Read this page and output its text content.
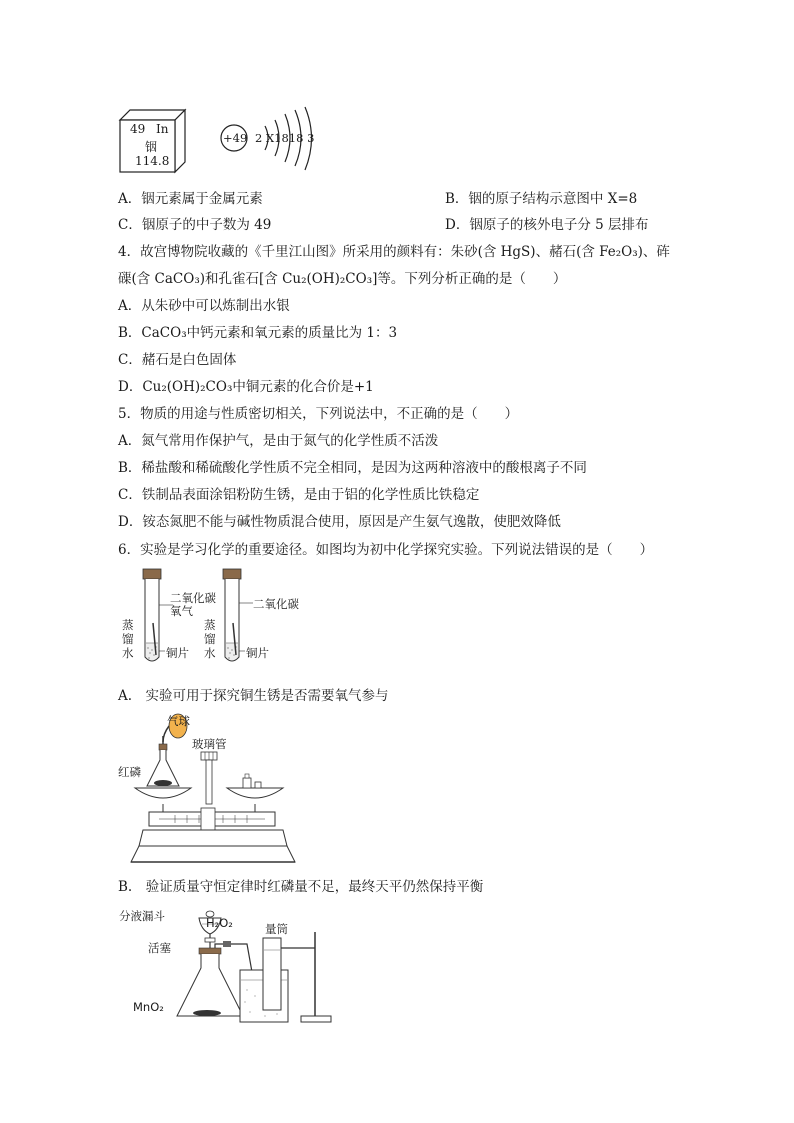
49 In
铟
114.8
+49 2 X1818 3
A．铟元素属于金属元素	B．铟的原子结构示意图中 X=8
C．铟原子的中子数为 49	D．铟原子的核外电子分 5 层排布
4．故宫博物院收藏的《千里江山图》所采用的颜料有：朱砂(含 HgS)、赭石(含 Fe₂O₃)、砗
磲(含 CaCO₃)和孔雀石[含 Cu₂(OH)₂CO₃]等。下列分析正确的是（　　）
A．从朱砂中可以炼制出水银
B．CaCO₃中钙元素和氧元素的质量比为 1：3
C．赭石是白色固体
D．Cu₂(OH)₂CO₃中铜元素的化合价是+1
5．物质的用途与性质密切相关，下列说法中，不正确的是（　　）
A．氮气常用作保护气，是由于氮气的化学性质不活泼
B．稀盐酸和稀硫酸化学性质不完全相同，是因为这两种溶液中的酸根离子不同
C．铁制品表面涂铝粉防生锈，是由于铝的化学性质比铁稳定
D．铵态氮肥不能与碱性物质混合使用，原因是产生氨气逸散，使肥效降低
6．实验是学习化学的重要途径。如图均为初中化学探究实验。下列说法错误的是（　　）
二氧化碳
氧气	二氧化碳
蒸
馏
水
蒸
馏
水
铜片	铜片
A.　实验可用于探究铜生锈是否需要氧气参与
气球
玻璃管
红磷
B.　验证质量守恒定律时红磷量不足，最终天平仍然保持平衡
分液漏斗	H₂O₂	量筒
活塞
MnO₂
